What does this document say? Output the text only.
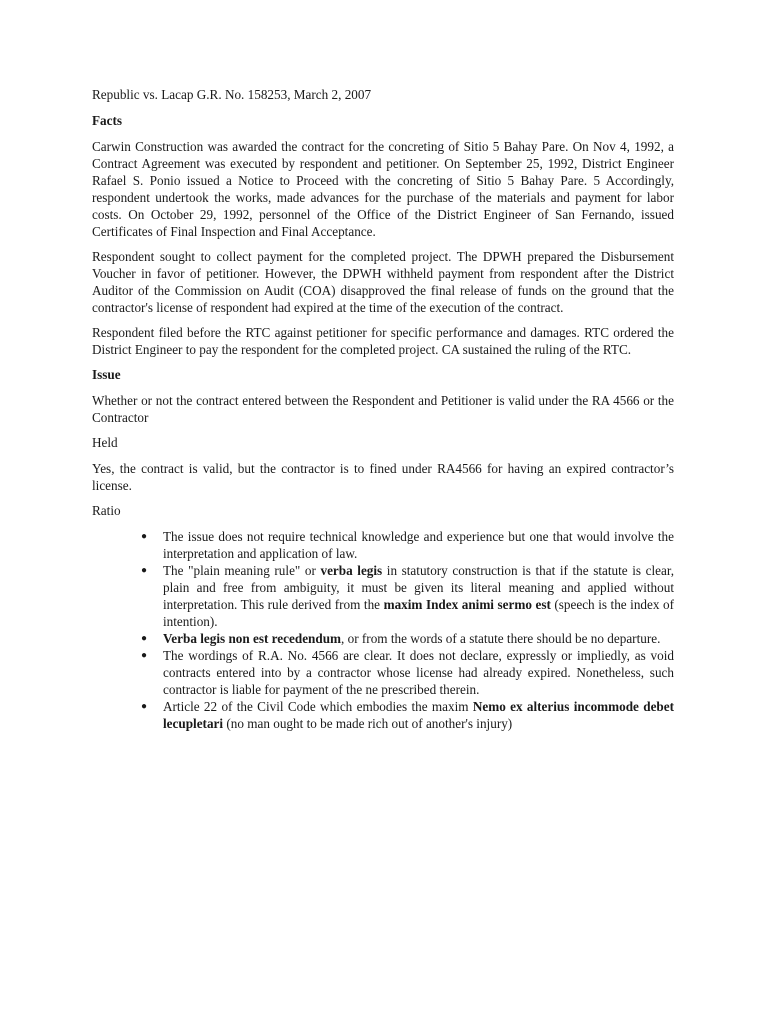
Republic vs. Lacap G.R. No. 158253, March 2, 2007
Facts

Carwin Construction was awarded the contract for the concreting of Sitio 5 Bahay Pare. On Nov 4, 1992, a Contract Agreement was executed by respondent and petitioner. On September 25, 1992, District Engineer Rafael S. Ponio issued a Notice to Proceed with the concreting of Sitio 5 Bahay Pare. 5 Accordingly, respondent undertook the works, made advances for the purchase of the materials and payment for labor costs. On October 29, 1992, personnel of the Office of the District Engineer of San Fernando, issued Certificates of Final Inspection and Final Acceptance.

Respondent sought to collect payment for the completed project. The DPWH prepared the Disbursement Voucher in favor of petitioner. However, the DPWH withheld payment from respondent after the District Auditor of the Commission on Audit (COA) disapproved the final release of funds on the ground that the contractor's license of respondent had expired at the time of the execution of the contract.

Respondent filed before the RTC against petitioner for specific performance and damages. RTC ordered the District Engineer to pay the respondent for the completed project. CA sustained the ruling of the RTC.

Issue

Whether or not the contract entered between the Respondent and Petitioner is valid under the RA 4566 or the Contractor

Held

Yes, the contract is valid, but the contractor is to fined under RA4566 for having an expired contractor’s license.

Ratio
● The issue does not require technical knowledge and experience but one that would involve the interpretation and application of law.
● The "plain meaning rule" or verba legis in statutory construction is that if the statute is clear, plain and free from ambiguity, it must be given its literal meaning and applied without interpretation. This rule derived from the maxim Index animi sermo est (speech is the index of intention).
● Verba legis non est recedendum, or from the words of a statute there should be no departure.
● The wordings of R.A. No. 4566 are clear. It does not declare, expressly or impliedly, as void contracts entered into by a contractor whose license had already expired. Nonetheless, such contractor is liable for payment of the ne prescribed therein.
● Article 22 of the Civil Code which embodies the maxim Nemo ex alterius incommode debet lecupletari (no man ought to be made rich out of another's injury)
